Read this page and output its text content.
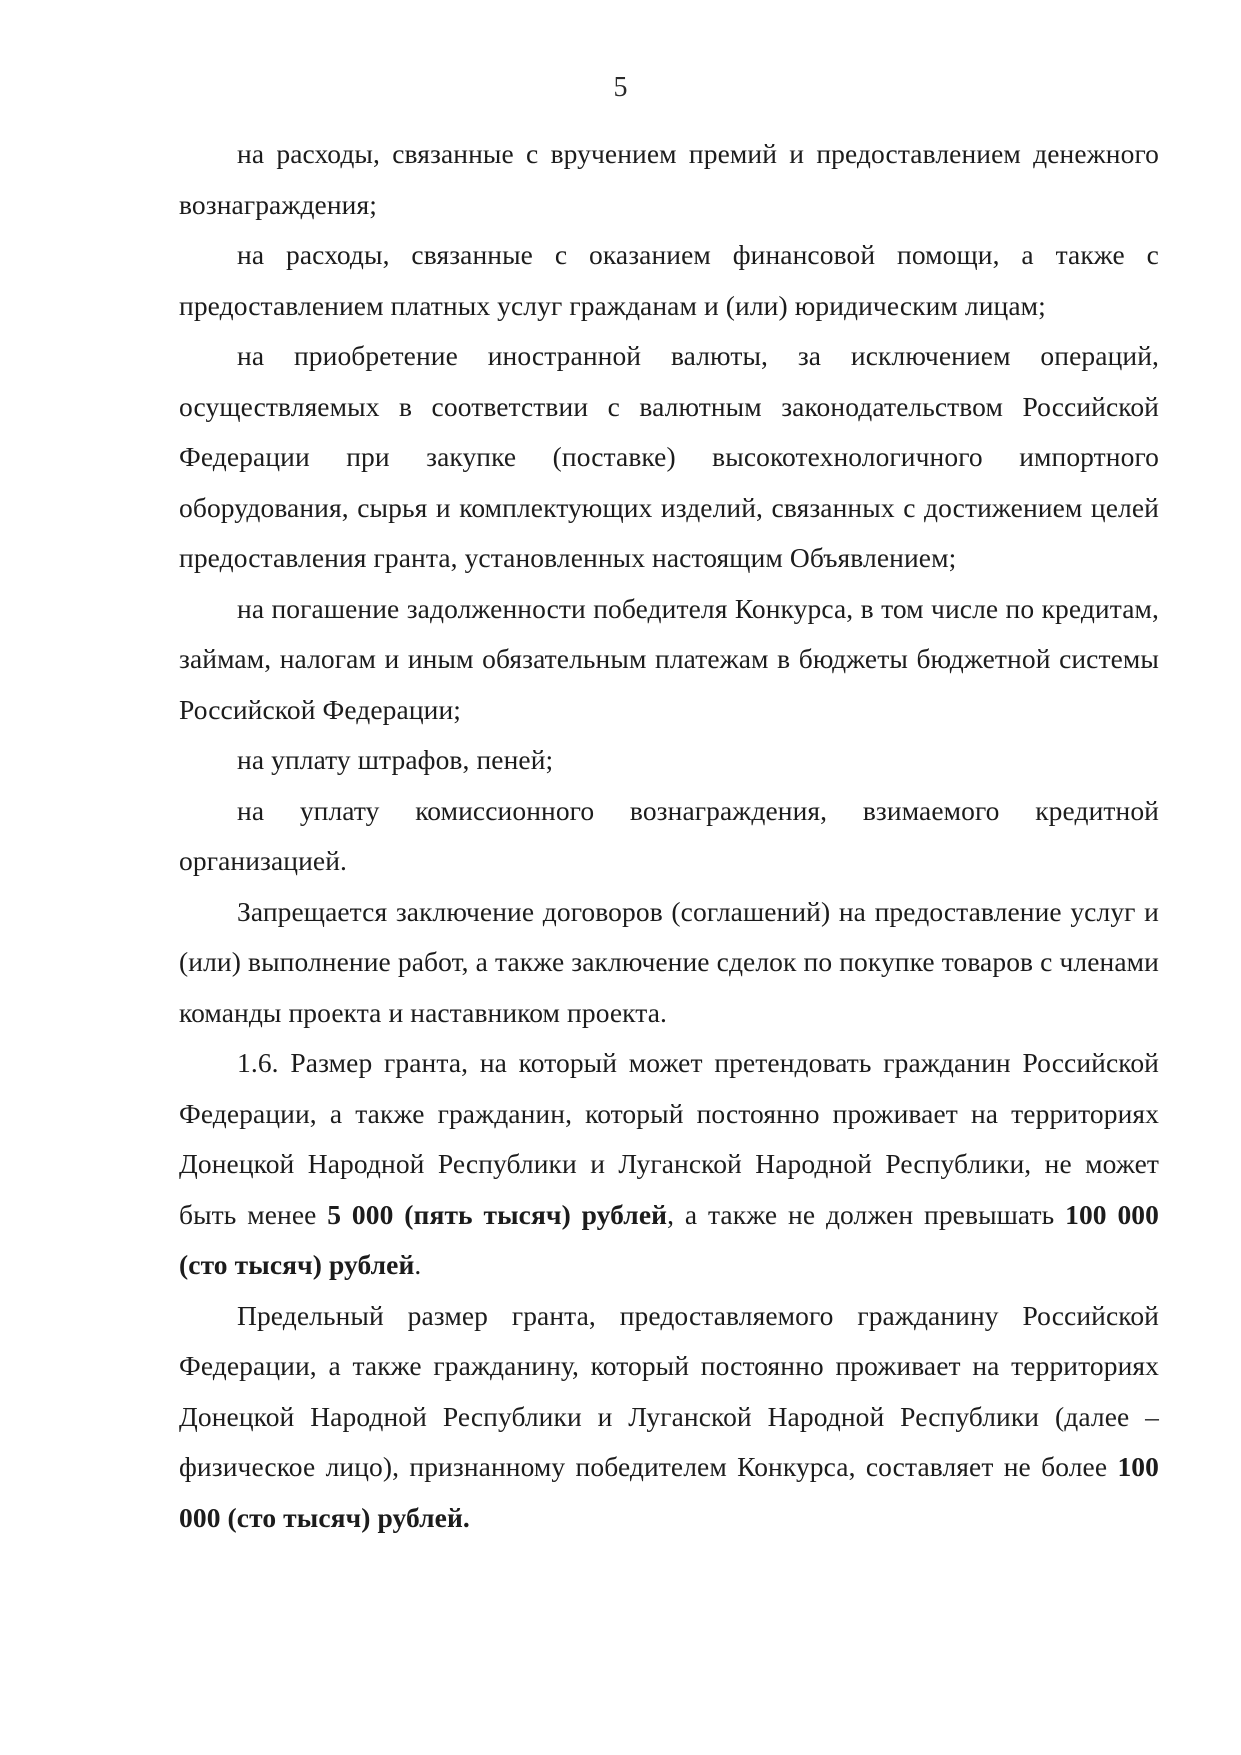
5

на расходы, связанные с вручением премий и предоставлением денежного вознаграждения;

на расходы, связанные с оказанием финансовой помощи, а также с предоставлением платных услуг гражданам и (или) юридическим лицам;

на приобретение иностранной валюты, за исключением операций, осуществляемых в соответствии с валютным законодательством Российской Федерации при закупке (поставке) высокотехнологичного импортного оборудования, сырья и комплектующих изделий, связанных с достижением целей предоставления гранта, установленных настоящим Объявлением;

на погашение задолженности победителя Конкурса, в том числе по кредитам, займам, налогам и иным обязательным платежам в бюджеты бюджетной системы Российской Федерации;

на уплату штрафов, пеней;

на уплату комиссионного вознаграждения, взимаемого кредитной организацией.

Запрещается заключение договоров (соглашений) на предоставление услуг и (или) выполнение работ, а также заключение сделок по покупке товаров с членами команды проекта и наставником проекта.

1.6. Размер гранта, на который может претендовать гражданин Российской Федерации, а также гражданин, который постоянно проживает на территориях Донецкой Народной Республики и Луганской Народной Республики, не может быть менее 5 000 (пять тысяч) рублей, а также не должен превышать 100 000 (сто тысяч) рублей.

Предельный размер гранта, предоставляемого гражданину Российской Федерации, а также гражданину, который постоянно проживает на территориях Донецкой Народной Республики и Луганской Народной Республики (далее – физическое лицо), признанному победителем Конкурса, составляет не более 100 000 (сто тысяч) рублей.
